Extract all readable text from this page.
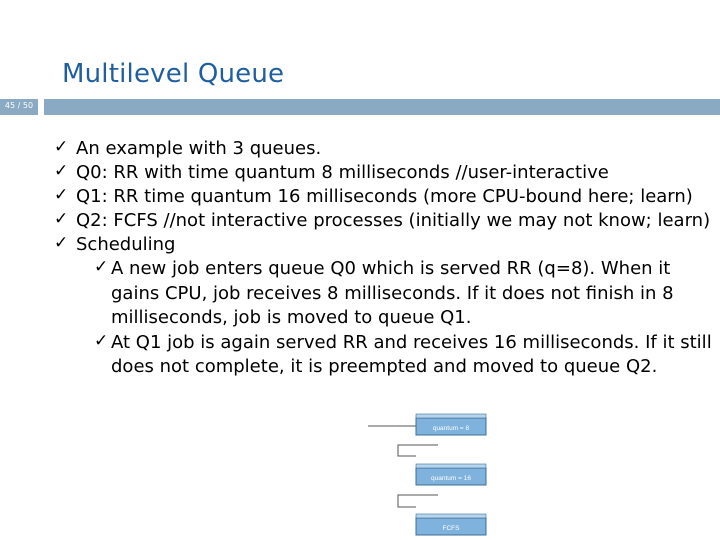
Multilevel Queue
45 / 50
✓ An example with 3 queues.
✓ Q0: RR with time quantum 8 milliseconds //user-interactive
✓ Q1: RR time quantum 16 milliseconds (more CPU-bound here; learn)
✓ Q2: FCFS //not interactive processes (initially we may not know; learn)
✓ Scheduling
✓ A new job enters queue Q0 which is served RR (q=8). When it gains CPU, job receives 8 milliseconds. If it does not finish in 8 milliseconds, job is moved to queue Q1.
✓ At Q1 job is again served RR and receives 16 milliseconds. If it still does not complete, it is preempted and moved to queue Q2.
quantum = 8
quantum = 16
FCFS
